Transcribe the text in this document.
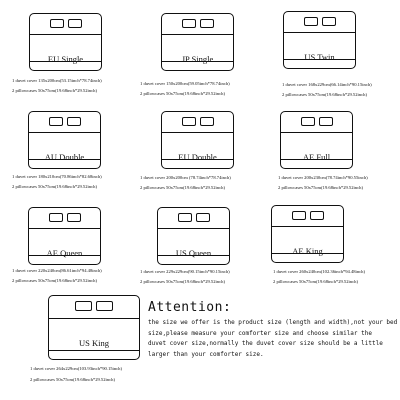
EU Single
1 duvet cover 135x200cm(53.15inch*78.74inch)
2 pillowcases 50x75cm(19.68inch*29.52inch)
JP Single
1 duvet cover 150x200cm(59.05inch*78.74inch)
2 pillowcases 50x75cm(19.68inch*29.52inch)
US Twin
1 duvet cover 168x229cm(66.14inch*90.15inch)
2 pillowcases 50x75cm(19.68inch*29.52inch)
AU Double
1 duvet cover 180x210cm(70.86inch*82.68inch)
2 pillowcases 50x75cm(19.68inch*29.52inch)
EU Double
1 duvet cover 200x200cm (78.74inch*78.74inch)
2 pillowcases 50x75cm(19.68inch*29.52inch)
AE Full
1 duvet cover 200x230cm(78.74inch*90.55inch)
2 pillowcases 50x75cm(19.68inch*29.52inch)
AE Queen
1 duvet cover 220x240cm(86.61inch*94.48inch)
2 pillowcases 50x75cm(19.68inch*29.52inch)
US Queen
1 duvet cover 229x229cm(90.15inch*90.15inch)
2 pillowcases 50x75cm(19.68inch*29.52inch)
AE King
1 duvet cover 260x240cm(102.36inch*94.48inch)
2 pillowcases 50x75cm(19.68inch*29.52inch)
US King
1 duvet cover 264x229cm(103.93inch*90.15inch)
2 pillowcases 50x75cm(19.68inch*29.52inch)
Attention:
the size we offer is the product size (length and width),not your bed
size,please measure your comforter size and choose similar the
duvet cover size,normally the duvet cover size should be a little
larger than your comforter size.
